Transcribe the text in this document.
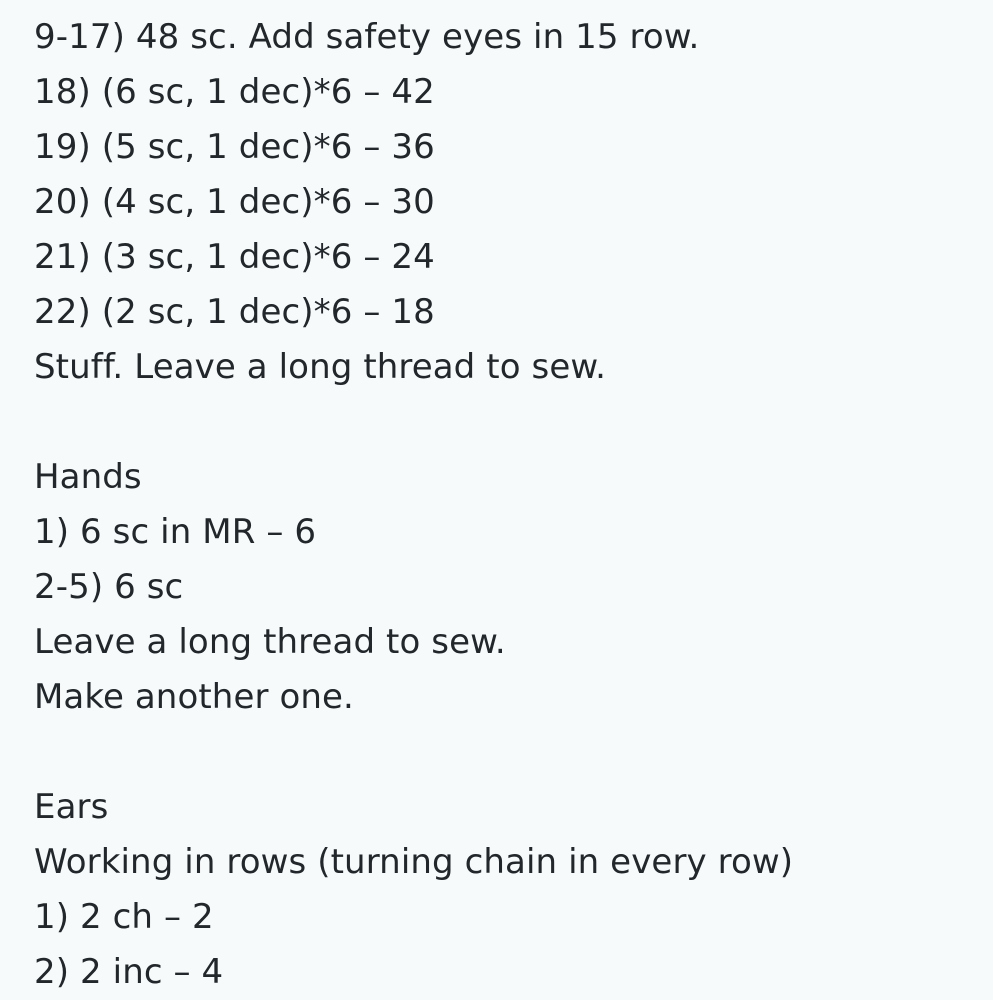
9-17) 48 sc. Add safety eyes in 15 row.
18) (6 sc, 1 dec)*6 – 42
19) (5 sc, 1 dec)*6 – 36
20) (4 sc, 1 dec)*6 – 30
21) (3 sc, 1 dec)*6 – 24
22) (2 sc, 1 dec)*6 – 18
Stuff. Leave a long thread to sew.
Hands
1) 6 sc in MR – 6
2-5) 6 sc
Leave a long thread to sew.
Make another one.
Ears
Working in rows (turning chain in every row)
1) 2 ch – 2
2) 2 inc – 4
